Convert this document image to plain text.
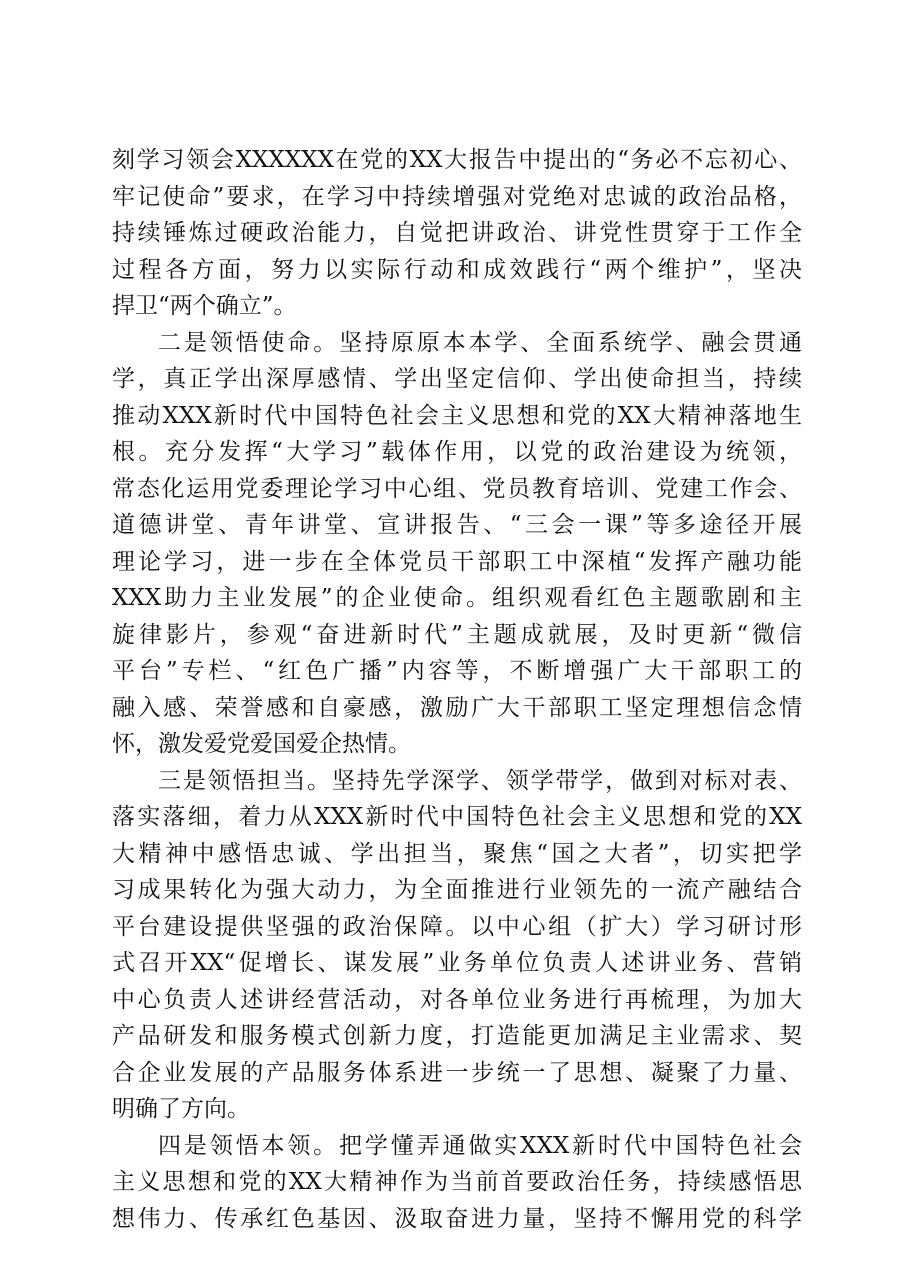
刻学习领会XXXXXX在党的XX大报告中提出的“务必不忘初心、
牢记使命”要求，在学习中持续增强对党绝对忠诚的政治品格，
持续锤炼过硬政治能力，自觉把讲政治、讲党性贯穿于工作全
过程各方面，努力以实际行动和成效践行“两个维护”，坚决
捍卫“两个确立”。
二是领悟使命。坚持原原本本学、全面系统学、融会贯通
学，真正学出深厚感情、学出坚定信仰、学出使命担当，持续
推动XXX新时代中国特色社会主义思想和党的XX大精神落地生
根。充分发挥“大学习”载体作用，以党的政治建设为统领，
常态化运用党委理论学习中心组、党员教育培训、党建工作会、
道德讲堂、青年讲堂、宣讲报告、“三会一课”等多途径开展
理论学习，进一步在全体党员干部职工中深植“发挥产融功能
XXX助力主业发展”的企业使命。组织观看红色主题歌剧和主
旋律影片，参观“奋进新时代”主题成就展，及时更新“微信
平台”专栏、“红色广播”内容等，不断增强广大干部职工的
融入感、荣誉感和自豪感，激励广大干部职工坚定理想信念情
怀，激发爱党爱国爱企热情。
三是领悟担当。坚持先学深学、领学带学，做到对标对表、
落实落细，着力从XXX新时代中国特色社会主义思想和党的XX
大精神中感悟忠诚、学出担当，聚焦“国之大者”，切实把学
习成果转化为强大动力，为全面推进行业领先的一流产融结合
平台建设提供坚强的政治保障。以中心组（扩大）学习研讨形
式召开XX“促增长、谋发展”业务单位负责人述讲业务、营销
中心负责人述讲经营活动，对各单位业务进行再梳理，为加大
产品研发和服务模式创新力度，打造能更加满足主业需求、契
合企业发展的产品服务体系进一步统一了思想、凝聚了力量、
明确了方向。
四是领悟本领。把学懂弄通做实XXX新时代中国特色社会
主义思想和党的XX大精神作为当前首要政治任务，持续感悟思
想伟力、传承红色基因、汲取奋进力量，坚持不懈用党的科学
